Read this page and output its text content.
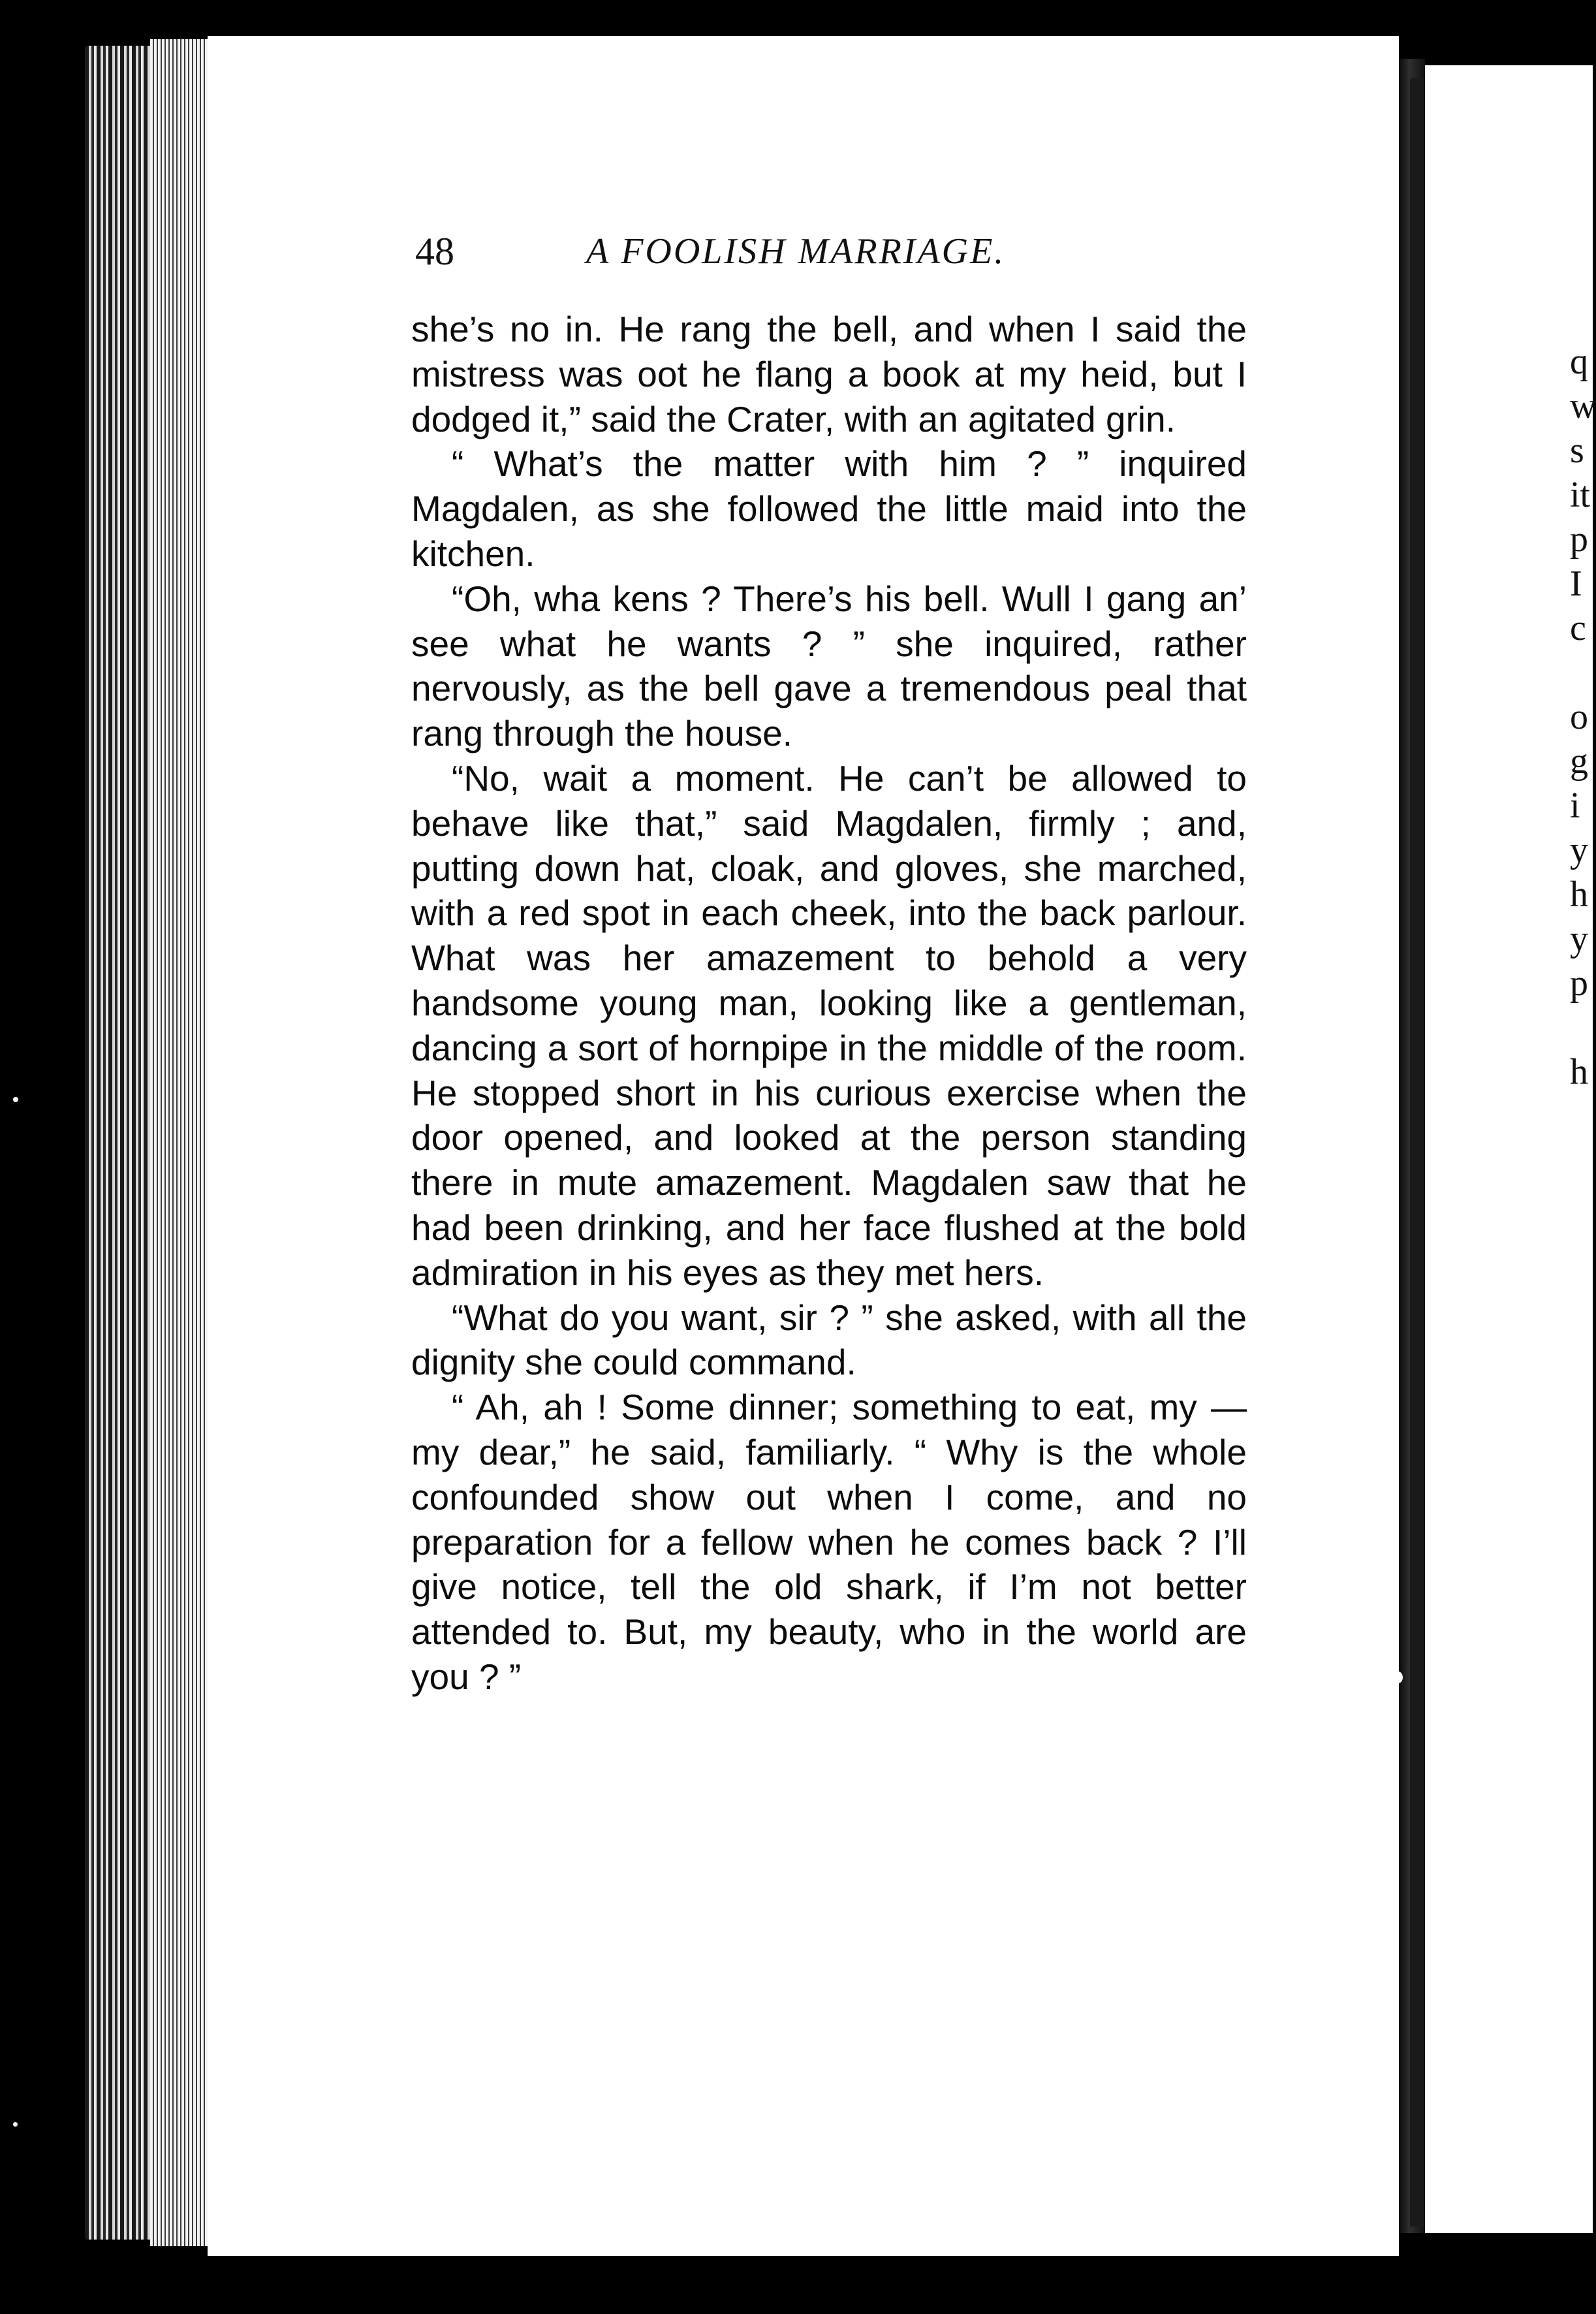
q
w
s
it
p
I
c
o
g
i
y
h
y
p
h
48	A FOOLISH MARRIAGE.

she’s no in. He rang the bell, and when I said the mistress was oot he flang a book at my heid, but I dodged it,” said the Crater, with an agitated grin.

“ What’s the matter with him ? ” inquired Magdalen, as she followed the little maid into the kitchen.

“Oh, wha kens ? There’s his bell. Wull I gang an’ see what he wants ? ” she inquired, rather nervously, as the bell gave a tremendous peal that rang through the house.

“No, wait a moment. He can’t be allowed to behave like that,” said Magdalen, firmly ; and, putting down hat, cloak, and gloves, she marched, with a red spot in each cheek, into the back parlour. What was her amazement to behold a very handsome young man, looking like a gentleman, dancing a sort of hornpipe in the middle of the room. He stopped short in his curious exercise when the door opened, and looked at the person standing there in mute amazement. Magdalen saw that he had been drinking, and her face flushed at the bold admiration in his eyes as they met hers.

“What do you want, sir ? ” she asked, with all the dignity she could command.

“ Ah, ah ! Some dinner; something to eat, my — my dear,” he said, familiarly. “ Why is the whole confounded show out when I come, and no preparation for a fellow when he comes back ? I’ll give notice, tell the old shark, if I’m not better attended to. But, my beauty, who in the world are you ? ”
